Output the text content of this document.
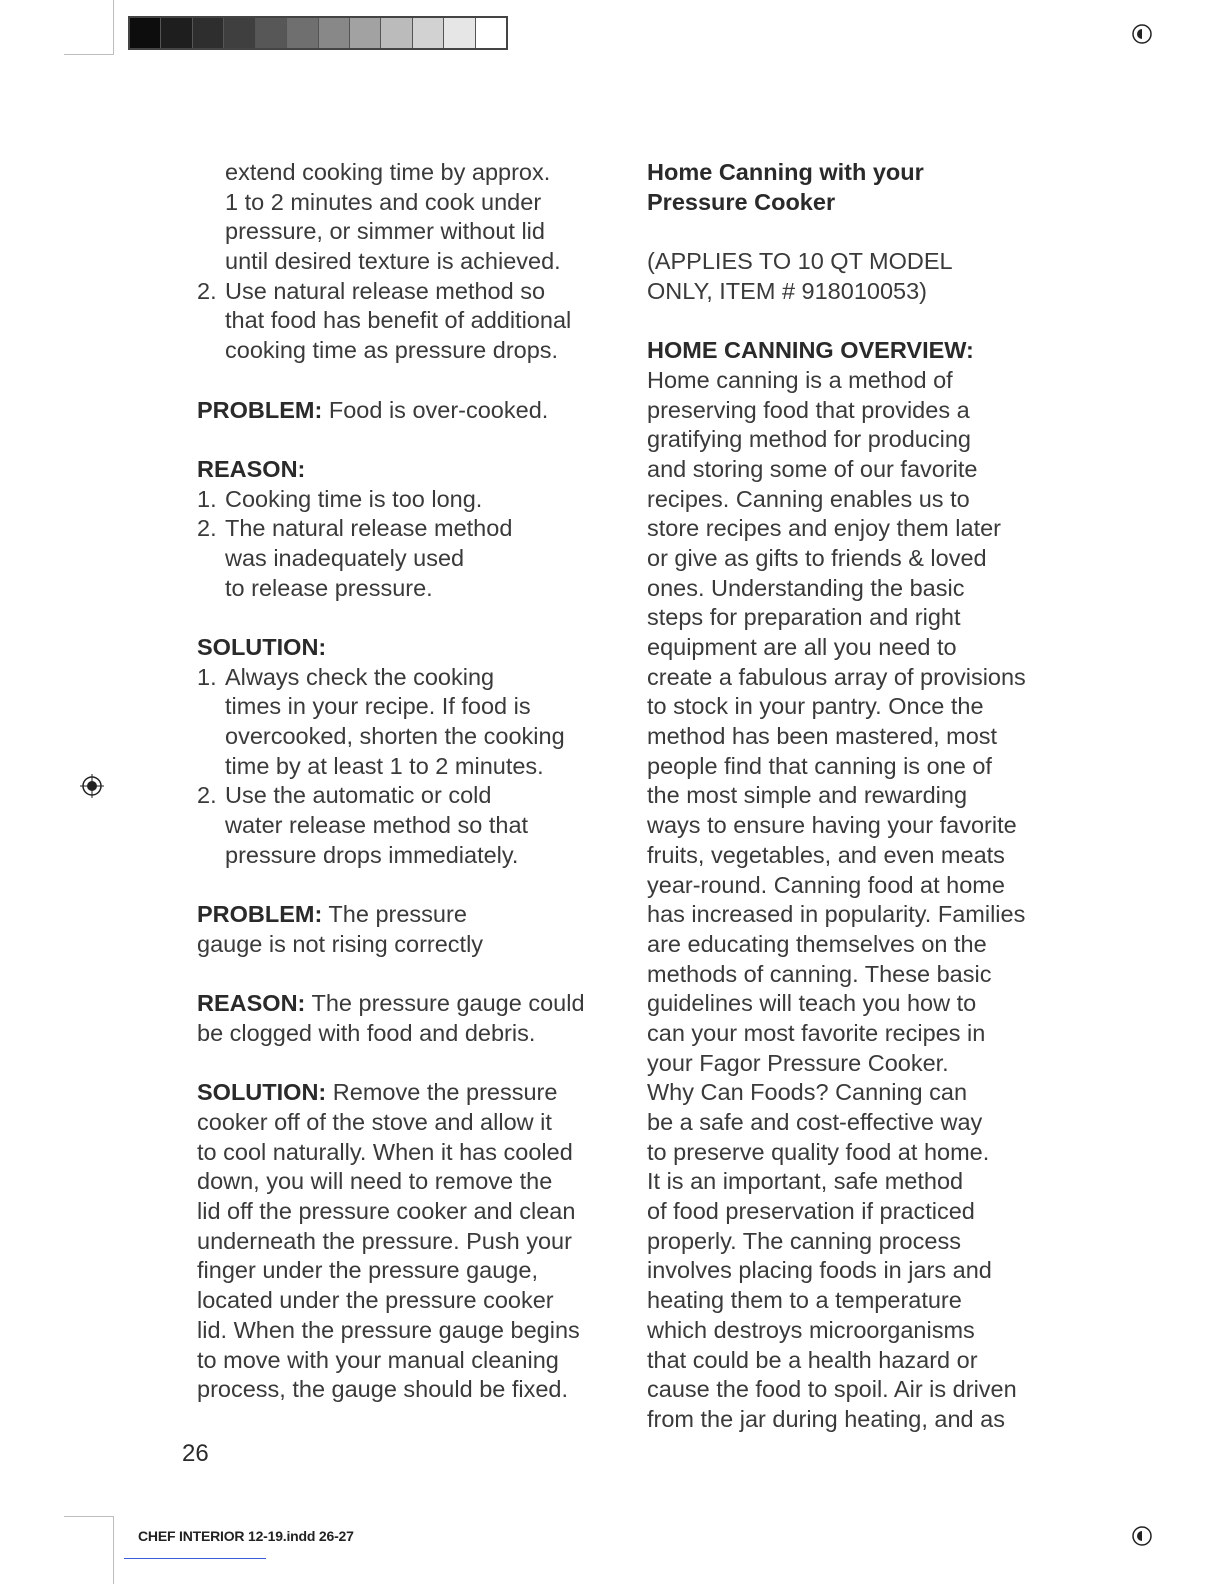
extend cooking time by approx.
1 to 2 minutes and cook under
pressure, or simmer without lid
until desired texture is achieved.
2. Use natural release method so
that food has benefit of additional
cooking time as pressure drops.
PROBLEM: Food is over-cooked.
REASON:
1. Cooking time is too long.
2. The natural release method
was inadequately used
to release pressure.
SOLUTION:
1. Always check the cooking
times in your recipe. If food is
overcooked, shorten the cooking
time by at least 1 to 2 minutes.
2. Use the automatic or cold
water release method so that
pressure drops immediately.
PROBLEM: The pressure
gauge is not rising correctly
REASON: The pressure gauge could
be clogged with food and debris.
SOLUTION: Remove the pressure
cooker off of the stove and allow it
to cool naturally. When it has cooled
down, you will need to remove the
lid off the pressure cooker and clean
underneath the pressure. Push your
finger under the pressure gauge,
located under the pressure cooker
lid. When the pressure gauge begins
to move with your manual cleaning
process, the gauge should be fixed.
Home Canning with your
Pressure Cooker
(APPLIES TO 10 QT MODEL
ONLY, ITEM # 918010053)
HOME CANNING OVERVIEW:
Home canning is a method of
preserving food that provides a
gratifying method for producing
and storing some of our favorite
recipes. Canning enables us to
store recipes and enjoy them later
or give as gifts to friends & loved
ones. Understanding the basic
steps for preparation and right
equipment are all you need to
create a fabulous array of provisions
to stock in your pantry. Once the
method has been mastered, most
people find that canning is one of
the most simple and rewarding
ways to ensure having your favorite
fruits, vegetables, and even meats
year-round. Canning food at home
has increased in popularity. Families
are educating themselves on the
methods of canning. These basic
guidelines will teach you how to
can your most favorite recipes in
your Fagor Pressure Cooker.
Why Can Foods? Canning can
be a safe and cost-effective way
to preserve quality food at home.
It is an important, safe method
of food preservation if practiced
properly. The canning process
involves placing foods in jars and
heating them to a temperature
which destroys microorganisms
that could be a health hazard or
cause the food to spoil. Air is driven
from the jar during heating, and as
26
CHEF INTERIOR 12-19.indd 26-27
